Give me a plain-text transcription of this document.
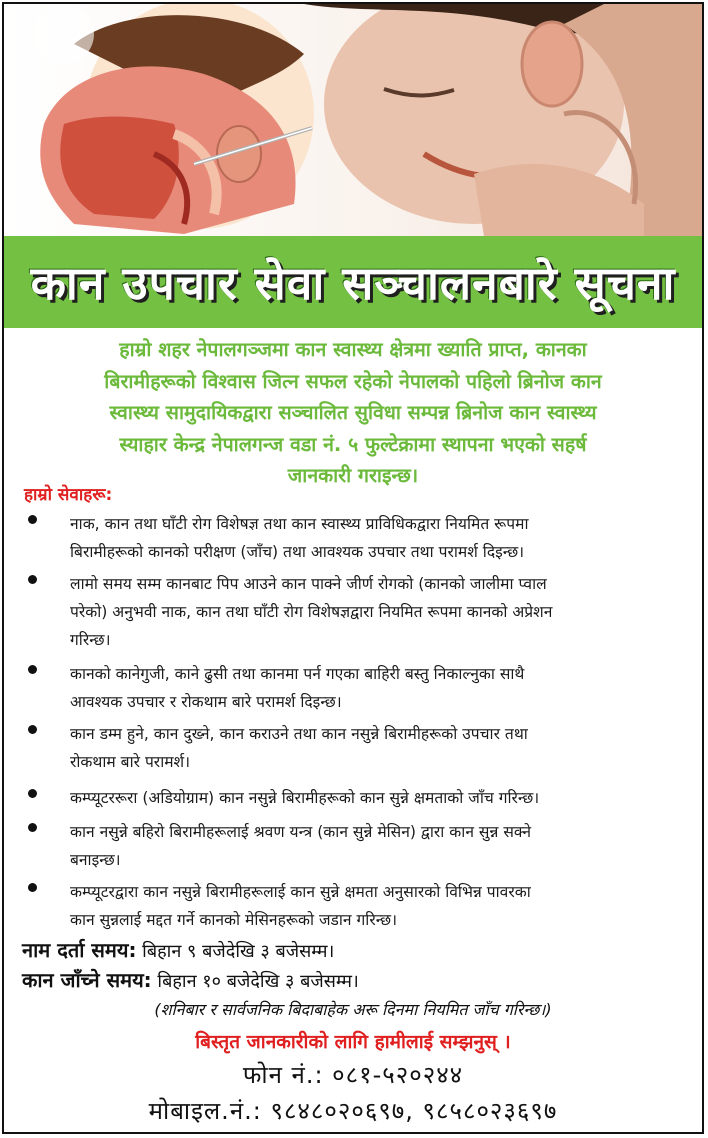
कान उपचार सेवा सञ्चालनबारे सूचना
हाम्रो शहर नेपालगञ्जमा कान स्वास्थ्य क्षेत्रमा ख्याति प्राप्त, कानका
बिरामीहरूको विश्वास जित्न सफल रहेको नेपालको पहिलो ब्रिनोज कान
स्वास्थ्य सामुदायिकद्वारा सञ्चालित सुविधा सम्पन्न ब्रिनोज कान स्वास्थ्य
स्याहार केन्द्र नेपालगन्ज वडा नं. ५ फुल्टेक्रामा स्थापना भएको सहर्ष
जानकारी गराइन्छ।
हाम्रो सेवाहरू:
नाक, कान तथा घाँटी रोग विशेषज्ञ तथा कान स्वास्थ्य प्राविधिकद्वारा नियमित रूपमा
बिरामीहरूको कानको परीक्षण (जाँच) तथा आवश्यक उपचार तथा परामर्श दिइन्छ।
लामो समय सम्म कानबाट पिप आउने कान पाक्ने जीर्ण रोगको (कानको जालीमा प्वाल
परेको) अनुभवी नाक, कान तथा घाँटी रोग विशेषज्ञद्वारा नियमित रूपमा कानको अप्रेशन
गरिन्छ।
कानको कानेगुजी, काने ढुसी तथा कानमा पर्न गएका बाहिरी बस्तु निकाल्नुका साथै
आवश्यक उपचार र रोकथाम बारे परामर्श दिइन्छ।
कान डम्म हुने, कान दुख्ने, कान कराउने तथा कान नसुन्ने बिरामीहरूको उपचार तथा
रोकथाम बारे परामर्श।
कम्प्यूटररूरा (अडियोग्राम) कान नसुन्ने बिरामीहरूको कान सुन्ने क्षमताको जाँच गरिन्छ।
कान नसुन्ने बहिरो बिरामीहरूलाई श्रवण यन्त्र (कान सुन्ने मेसिन) द्वारा कान सुन्न सक्ने
बनाइन्छ।
कम्प्यूटरद्वारा कान नसुन्ने बिरामीहरूलाई कान सुन्ने क्षमता अनुसारको विभिन्न पावरका
कान सुन्नलाई मद्दत गर्ने कानको मेसिनहरूको जडान गरिन्छ।
नाम दर्ता समय: बिहान ९ बजेदेखि ३ बजेसम्म।
कान जाँच्ने समय: बिहान १० बजेदेखि ३ बजेसम्म।
(शनिबार र सार्वजनिक बिदाबाहेक अरू दिनमा नियमित जाँच गरिन्छ।)
बिस्तृत जानकारीको लागि हामीलाई सम्झनुस् ।
फोन नं.: ०८१-५२०२४४
मोबाइल.नं.: ९८४८०२०६९७, ९८५८०२३६९७
